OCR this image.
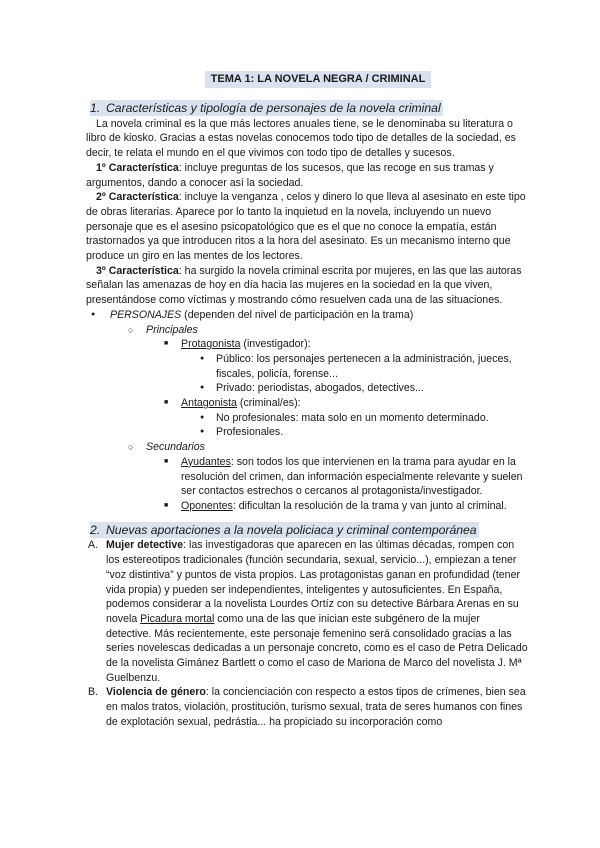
TEMA 1: LA NOVELA NEGRA / CRIMINAL
1. Características y tipología de personajes de la novela criminal

La novela criminal es la que más lectores anuales tiene, se le denominaba su literatura o libro de kiosko. Gracias a estas novelas conocemos todo tipo de detalles de la sociedad, es decir, te relata el mundo en el que vivimos con todo tipo de detalles y sucesos.

1º Característica: incluye preguntas de los sucesos, que las recoge en sus tramas y argumentos, dando a conocer así la sociedad.

2º Característica: incluye la venganza , celos y dinero lo que lleva al asesinato en este tipo de obras literarias. Aparece por lo tanto la inquietud en la novela, incluyendo un nuevo personaje que es el asesino psicopatológico que es el que no conoce la empatía, están trastornados ya que introducen ritos a la hora del asesinato. Es un mecanismo interno que produce un giro en las mentes de los lectores.

3º Característica: ha surgido la novela criminal escrita por mujeres, en las que las autoras señalan las amenazas de hoy en día hacia las mujeres en la sociedad en la que viven, presentándose como víctimas y mostrando cómo resuelven cada una de las situaciones.

● PERSONAJES (dependen del nivel de participación en la trama)
○ Principales
■ Protagonista (investigador):
● Público: los personajes pertenecen a la administración, jueces, fiscales, policía, forense...
● Privado: periodistas, abogados, detectives...
■ Antagonista (criminal/es):
● No profesionales: mata solo en un momento determinado.
● Profesionales.
○ Secundarios
■ Ayudantes: son todos los que intervienen en la trama para ayudar en la resolución del crimen, dan información especialmente relevante y suelen ser contactos estrechos o cercanos al protagonista/investigador.
■ Oponentes: dificultan la resolución de la trama y van junto al criminal.
2. Nuevas aportaciones a la novela policiaca y criminal contemporánea
A. Mujer detective: las investigadoras que aparecen en las últimas décadas, rompen con los estereotipos tradicionales (función secundaria, sexual, servicio...), empiezan a tener “voz distintiva” y puntos de vista propios. Las protagonistas ganan en profundidad (tener vida propia) y pueden ser independientes, inteligentes y autosuficientes. En España, podemos considerar a la novelista Lourdes Ortíz con su detective Bárbara Arenas en su novela Picadura mortal como una de las que inician este subgénero de la mujer detective. Más recientemente, este personaje femenino será consolidado gracias a las series novelescas dedicadas a un personaje concreto, como es el caso de Petra Delicado de la novelista Gimánez Bartlett o como el caso de Mariona de Marco del novelista J. Mª Guelbenzu.
B. Violencia de género: la concienciación con respecto a estos tipos de crímenes, bien sea en malos tratos, violación, prostitución, turismo sexual, trata de seres humanos con fines de explotación sexual, pedrástia... ha propiciado su incorporación como
